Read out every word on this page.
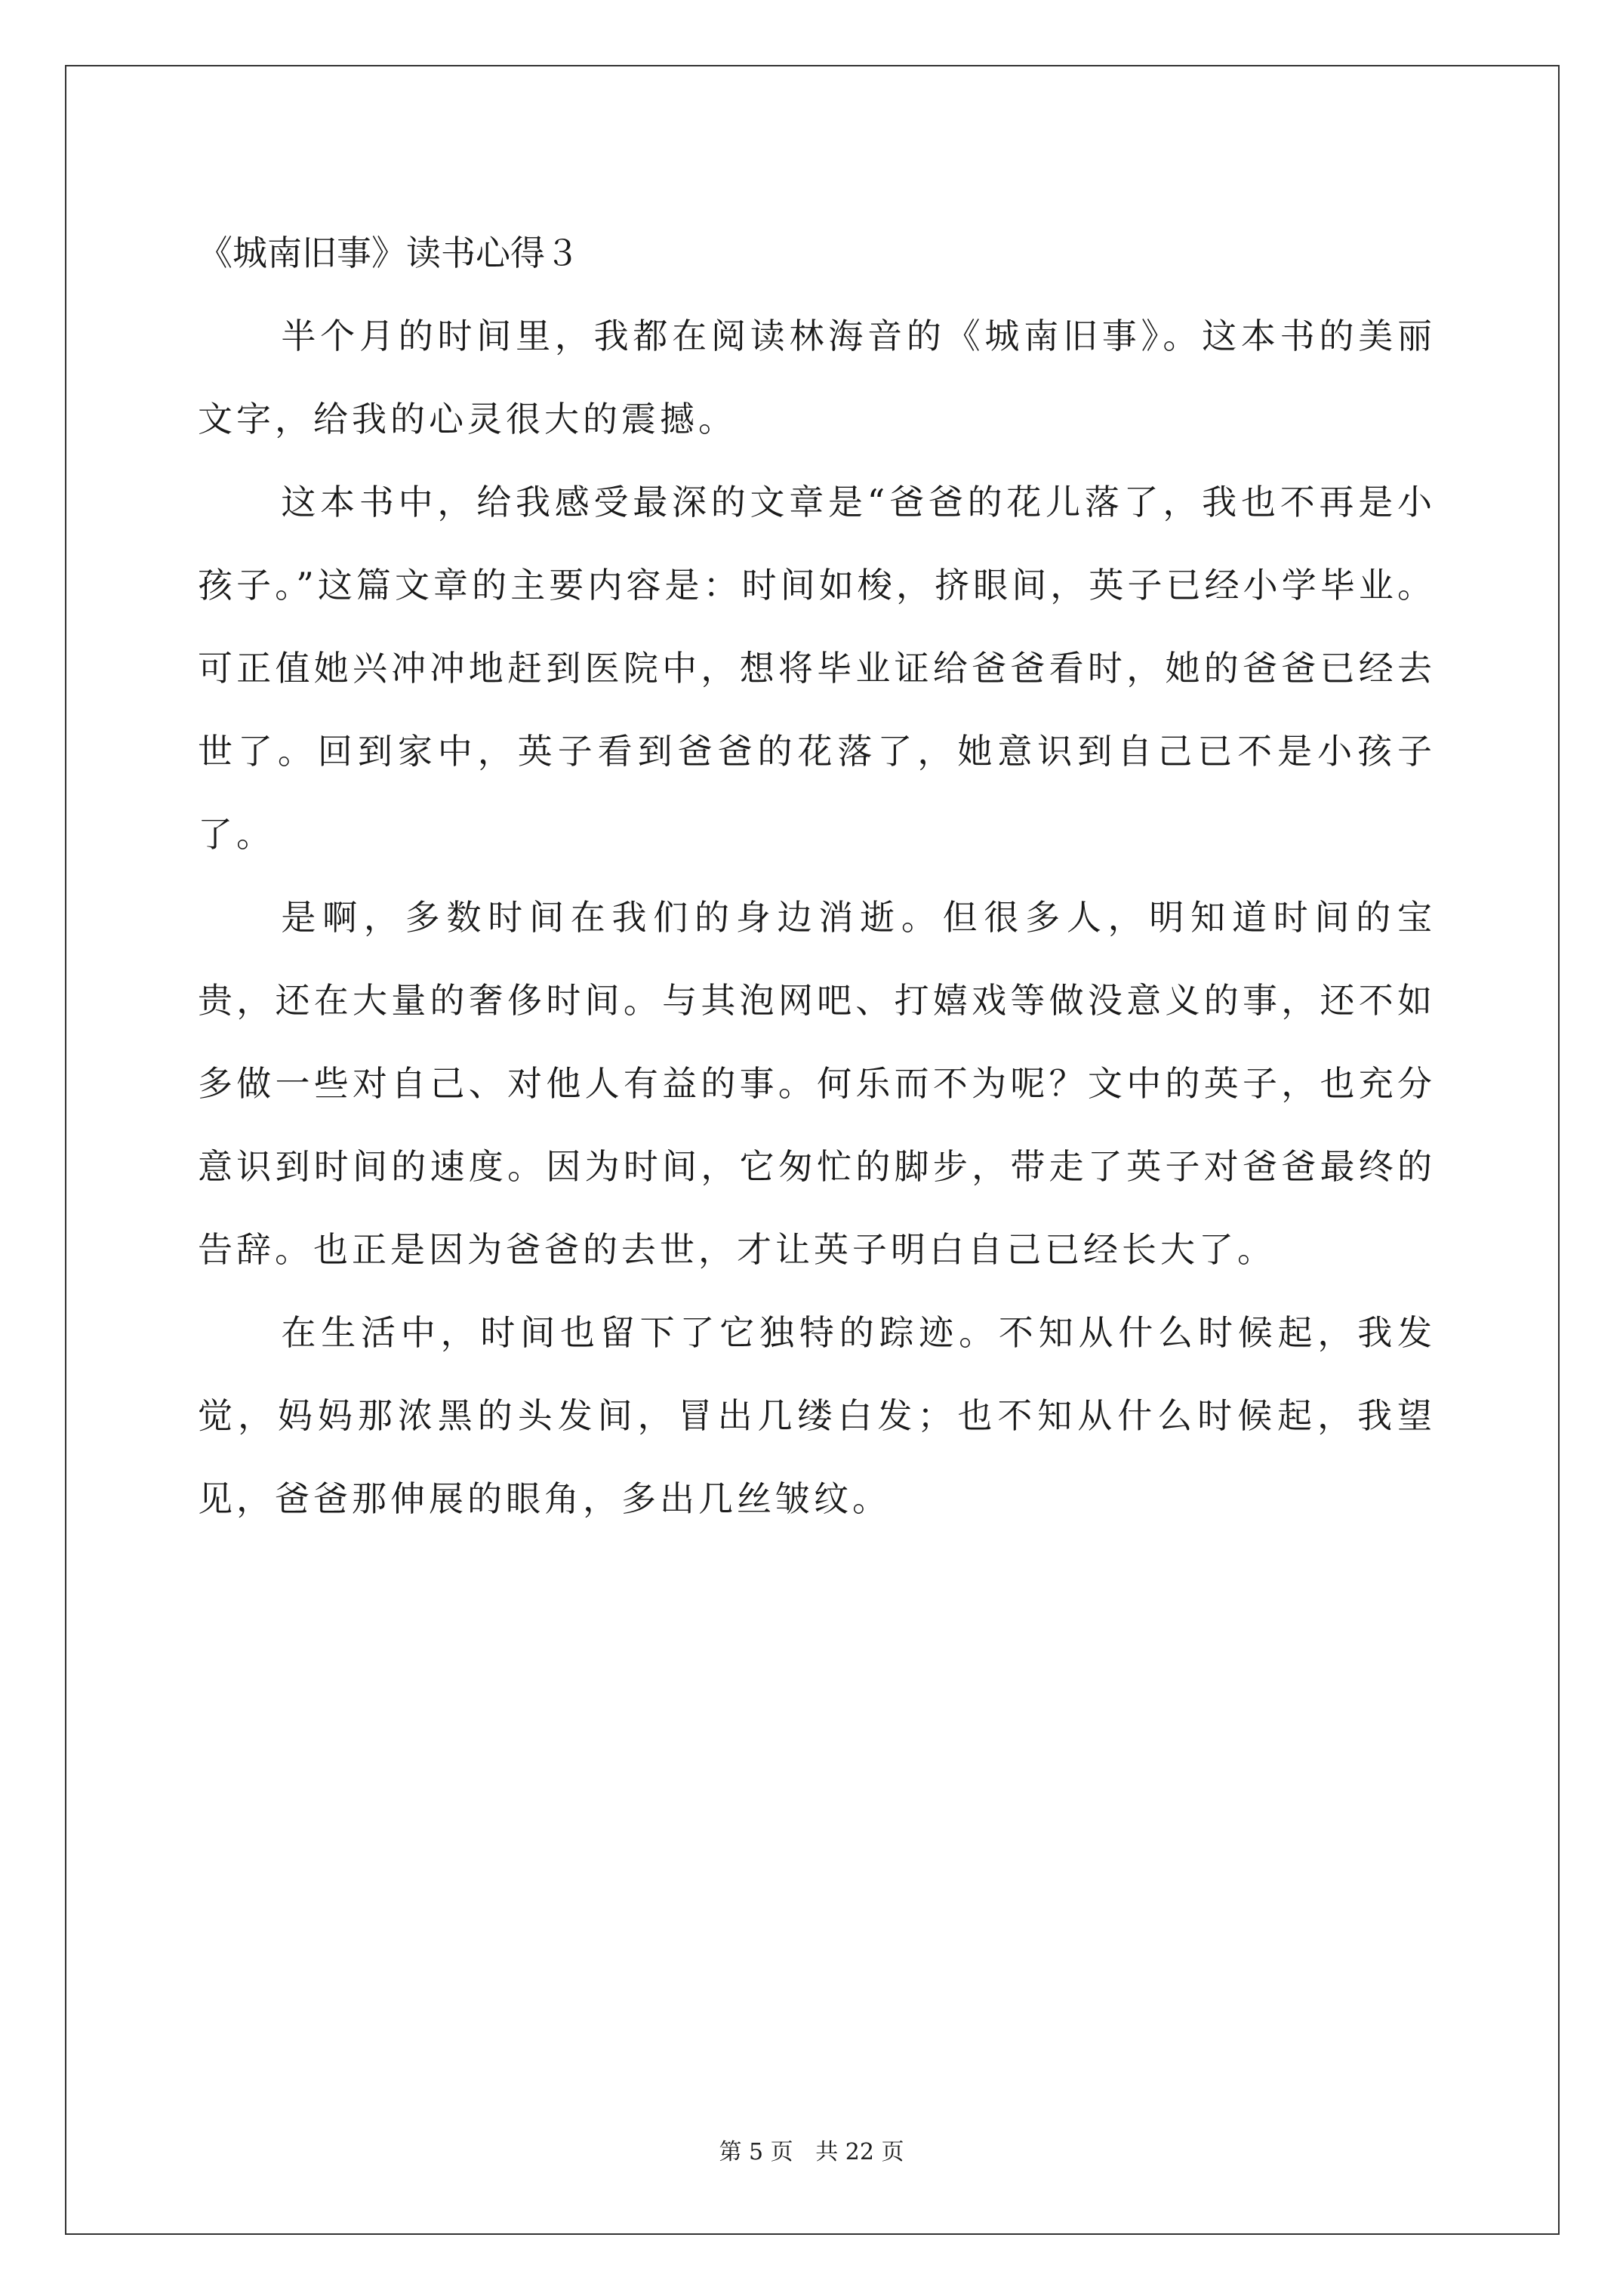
《城南旧事》读书心得３

半个月的时间里，我都在阅读林海音的《城南旧事》。这本书的美丽文字，给我的心灵很大的震撼。

这本书中，给我感受最深的文章是“爸爸的花儿落了，我也不再是小孩子。”这篇文章的主要内容是：时间如梭，挤眼间，英子已经小学毕业。可正值她兴冲冲地赶到医院中，想将毕业证给爸爸看时，她的爸爸已经去世了。回到家中，英子看到爸爸的花落了，她意识到自己已不是小孩子了。

是啊，多数时间在我们的身边消逝。但很多人，明知道时间的宝贵，还在大量的奢侈时间。与其泡网吧、打嬉戏等做没意义的事，还不如多做一些对自己、对他人有益的事。何乐而不为呢？文中的英子，也充分意识到时间的速度。因为时间，它匆忙的脚步，带走了英子对爸爸最终的告辞。也正是因为爸爸的去世，才让英子明白自己已经长大了。

在生活中，时间也留下了它独特的踪迹。不知从什么时候起，我发觉，妈妈那浓黑的头发间，冒出几缕白发；也不知从什么时候起，我望见，爸爸那伸展的眼角，多出几丝皱纹。

第 5 页 共 22 页
